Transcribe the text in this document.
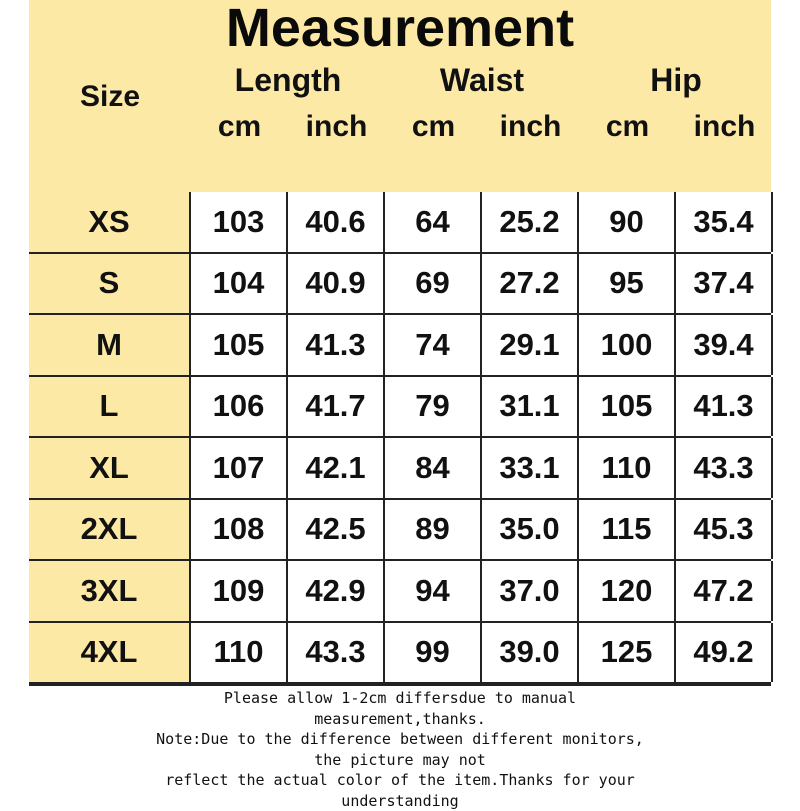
Measurement
Size	Length	Waist	Hip
cm	inch	cm	inch	cm	inch
XS	103	40.6	64	25.2	90	35.4
S	104	40.9	69	27.2	95	37.4
M	105	41.3	74	29.1	100	39.4
L	106	41.7	79	31.1	105	41.3
XL	107	42.1	84	33.1	110	43.3
2XL	108	42.5	89	35.0	115	45.3
3XL	109	42.9	94	37.0	120	47.2
4XL	110	43.3	99	39.0	125	49.2
Please allow 1-2cm differsdue to manual
measurement,thanks.
Note:Due to the difference between different monitors,
the picture may not
reflect the actual color of the item.Thanks for your
understanding
